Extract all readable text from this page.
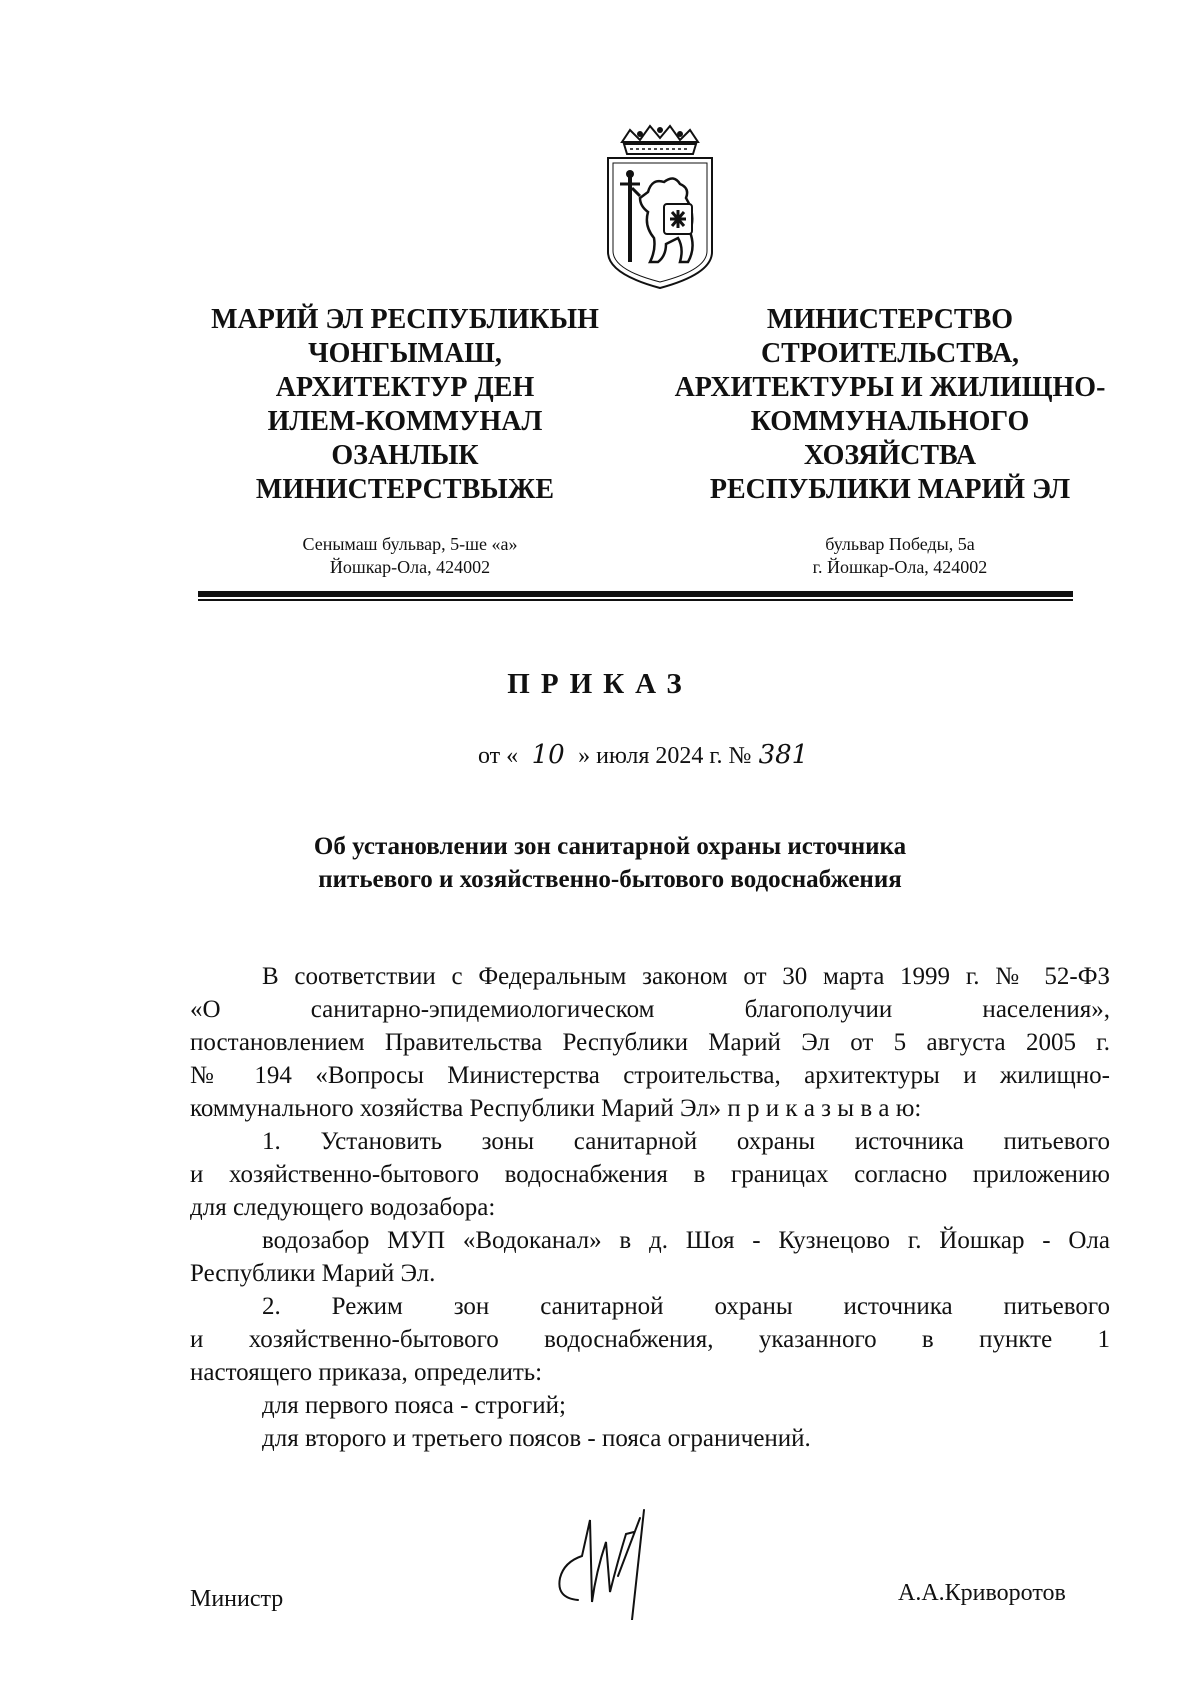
МАРИЙ ЭЛ РЕСПУБЛИКЫН
ЧОНГЫМАШ,
АРХИТЕКТУР ДЕН
ИЛЕМ-КОММУНАЛ
ОЗАНЛЫК
МИНИСТЕРСТВЫЖЕ
МИНИСТЕРСТВО
СТРОИТЕЛЬСТВА,
АРХИТЕКТУРЫ И ЖИЛИЩНО-
КОММУНАЛЬНОГО
ХОЗЯЙСТВА
РЕСПУБЛИКИ МАРИЙ ЭЛ
Сенымаш бульвар, 5-ше «а»
Йошкар-Ола, 424002
бульвар Победы, 5а
г. Йошкар-Ола, 424002
ПРИКАЗ
от « 10 » июля 2024 г. № 381
Об установлении зон санитарной охраны источника
питьевого и хозяйственно-бытового водоснабжения
В соответствии с Федеральным законом от 30 марта 1999 г. № 52-ФЗ
«О санитарно-эпидемиологическом благополучии населения»,
постановлением Правительства Республики Марий Эл от 5 августа 2005 г.
№ 194 «Вопросы Министерства строительства, архитектуры и жилищно-
коммунального хозяйства Республики Марий Эл» п р и к а з ы в а ю:
1. Установить зоны санитарной охраны источника питьевого
и хозяйственно-бытового водоснабжения в границах согласно приложению
для следующего водозабора:
водозабор МУП «Водоканал» в д. Шоя - Кузнецово г. Йошкар - Ола
Республики Марий Эл.
2. Режим зон санитарной охраны источника питьевого
и хозяйственно-бытового водоснабжения, указанного в пункте 1
настоящего приказа, определить:
для первого пояса - строгий;
для второго и третьего поясов - пояса ограничений.
Министр	А.А.Криворотов
